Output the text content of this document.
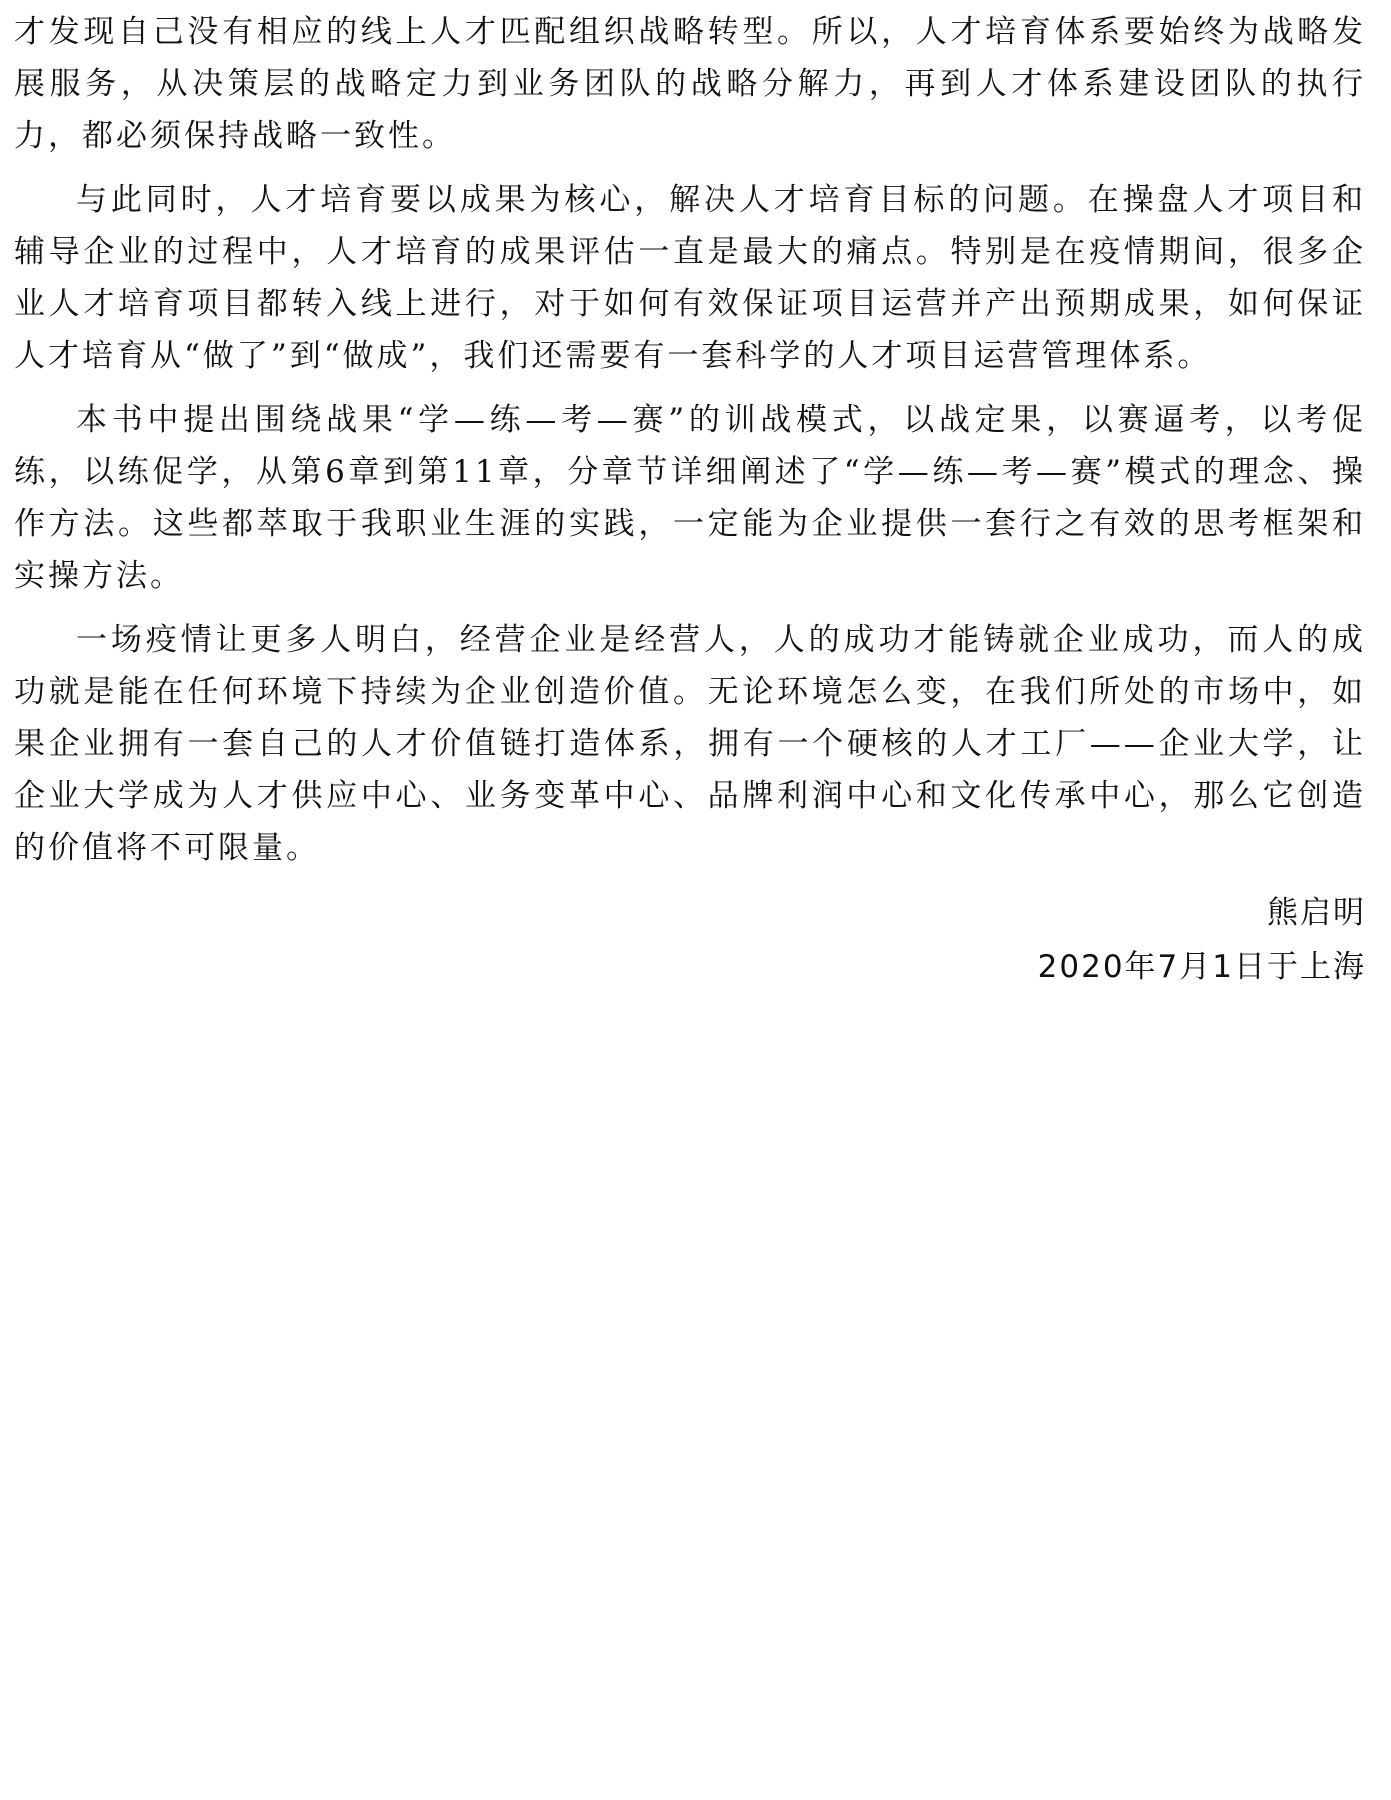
才发现自己没有相应的线上人才匹配组织战略转型。所以，人才培育体系要始终为战略发展服务，从决策层的战略定力到业务团队的战略分解力，再到人才体系建设团队的执行力，都必须保持战略一致性。

与此同时，人才培育要以成果为核心，解决人才培育目标的问题。在操盘人才项目和辅导企业的过程中，人才培育的成果评估一直是最大的痛点。特别是在疫情期间，很多企业人才培育项目都转入线上进行，对于如何有效保证项目运营并产出预期成果，如何保证人才培育从“做了”到“做成”，我们还需要有一套科学的人才项目运营管理体系。

本书中提出围绕战果“学—练—考—赛”的训战模式，以战定果，以赛逼考，以考促练，以练促学，从第6章到第11章，分章节详细阐述了“学—练—考—赛”模式的理念、操作方法。这些都萃取于我职业生涯的实践，一定能为企业提供一套行之有效的思考框架和实操方法。

一场疫情让更多人明白，经营企业是经营人，人的成功才能铸就企业成功，而人的成功就是能在任何环境下持续为企业创造价值。无论环境怎么变，在我们所处的市场中，如果企业拥有一套自己的人才价值链打造体系，拥有一个硬核的人才工厂——企业大学，让企业大学成为人才供应中心、业务变革中心、品牌利润中心和文化传承中心，那么它创造的价值将不可限量。

熊启明
2020年7月1日于上海
